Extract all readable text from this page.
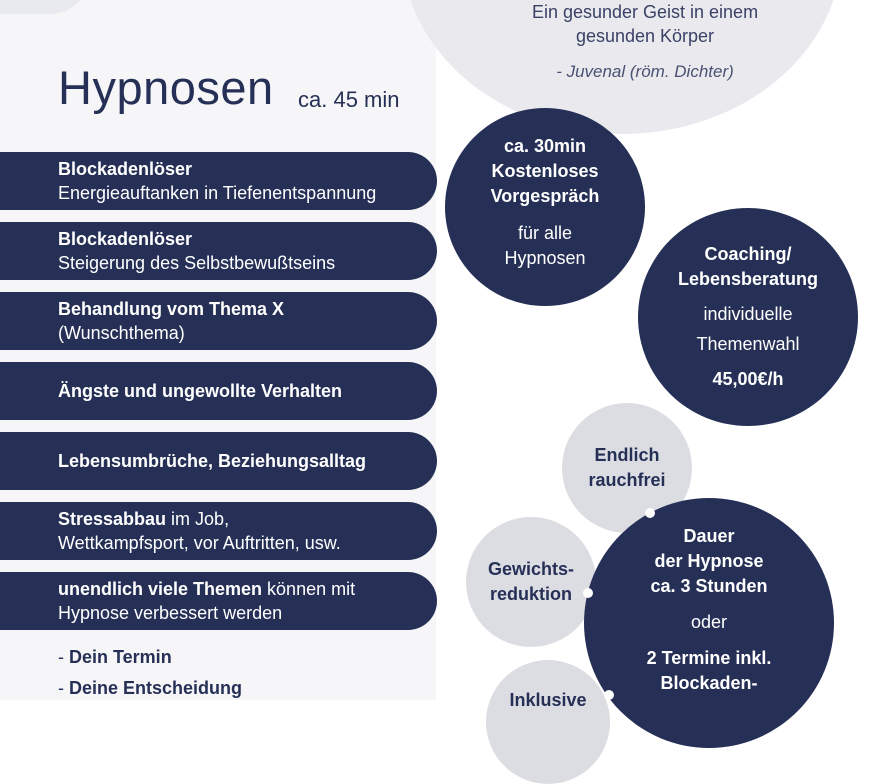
Ein gesunder Geist in einem
gesunden Körper
- Juvenal (röm. Dichter)
Hypnosen ca. 45 min
Blockadenlöser
Energieauftanken in Tiefenentspannung
Blockadenlöser
Steigerung des Selbstbewußtseins
Behandlung vom Thema X
(Wunschthema)
Ängste und ungewollte Verhalten
Lebensumbrüche, Beziehungsalltag
Stressabbau im Job,
Wettkampfsport, vor Auftritten, usw.
unendlich viele Themen können mit
Hypnose verbessert werden
- Dein Termin
- Deine Entscheidung
ca. 30min
Kostenloses
Vorgespräch
für alle
Hypnosen	Coaching/
Lebensberatung
individuelle
Themenwahl
45,00€/h
Endlich
rauchfrei
Gewichts-
reduktion
Inklusive
Dauer
der Hypnose
ca. 3 Stunden
oder
2 Termine inkl.
Blockaden-
